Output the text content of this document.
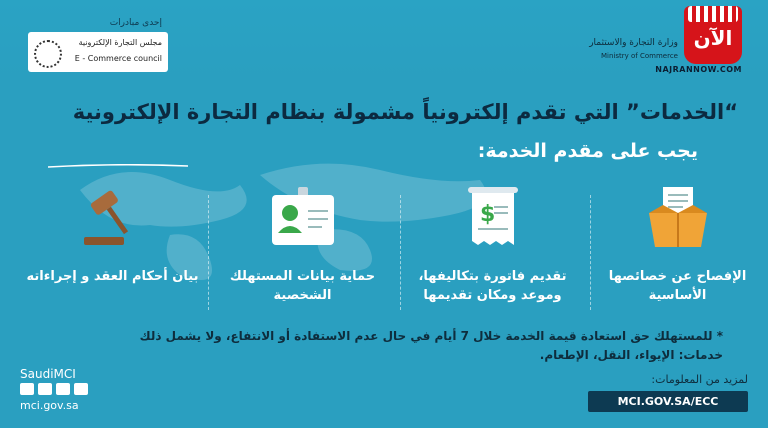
وزارة التجارة والاستثمار
Ministry of Commerce
الآن
NAJRANNOW.COM
إحدى مبادرات
مجلس التجارة الإلكترونية
E - Commerce council
“الخدمات” التي تقدم إلكترونياً مشمولة بنظام التجارة الإلكترونية
يجب على مقدم الخدمة:
الإفصاح عن خصائصها
الأساسية
$
تقديم فاتورة بتكاليفها،
وموعد ومكان تقديمها
حماية بيانات المستهلك
الشخصية
بيان أحكام العقد و إجراءاته
* للمستهلك حق استعادة قيمة الخدمة خلال 7 أيام في حال عدم الاستفادة أو الانتفاع، ولا يشمل ذلك خدمات: الإيواء، النقل، الإطعام.
SaudiMCI
mci.gov.sa
لمزيد من المعلومات:
MCI.GOV.SA/ECC
